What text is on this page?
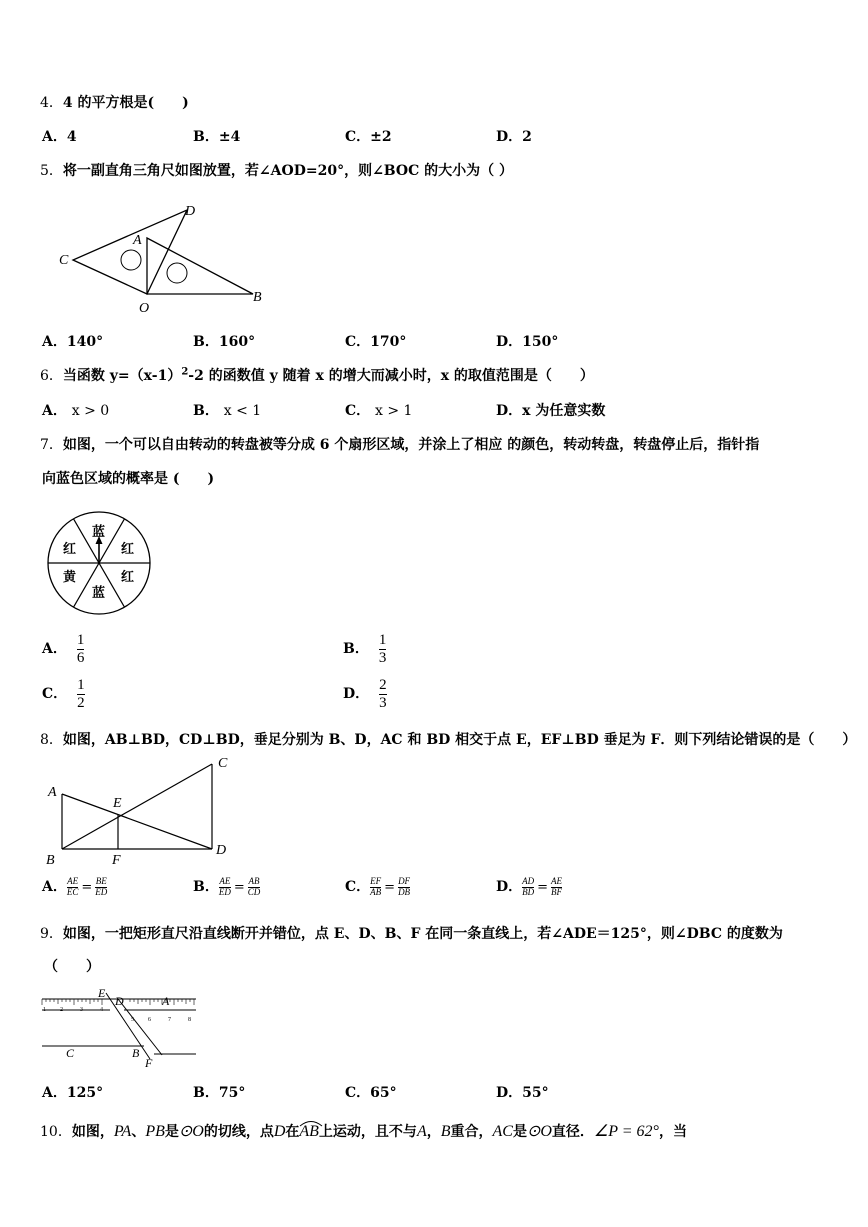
4．4 的平方根是(　　)
A．4	B．±4	C．±2	D．2
5．将一副直角三角尺如图放置，若∠AOD=20°，则∠BOC 的大小为（ ）
C
A
D
O
B
A．140°	B．160°	C．170°	D．150°
6．当函数 $y=(x-1)^2-2$ 的函数值 y 随着 x 的增大而减小时，x 的取值范围是（　　）
A． x > 0	B． x < 1	C． x > 1	D．x 为任意实数
7．如图，一个可以自由转动的转盘被等分成 6 个扇形区域，并涂上了相应 的颜色，转动转盘，转盘停止后，指针指
向蓝色区域的概率是 (　　)
蓝
红	红
黄	红
蓝
A． $\frac{1}{6}$	B． $\frac{1}{3}$
C． $\frac{1}{2}$	D． $\frac{2}{3}$
8．如图，AB⊥BD，CD⊥BD，垂足分别为 B、D，AC 和 BD 相交于点 E，EF⊥BD 垂足为 F．则下列结论错误的是（　　）
A
C
E
B	F
D
A． $\frac{AE}{EC} = \frac{BE}{ED}$	B． $\frac{AE}{ED} = \frac{AB}{CD}$	C． $\frac{EF}{AB} = \frac{DF}{DB}$	D． $\frac{AD}{BD} = \frac{AE}{BF}$
9．如图，一把矩形直尺沿直线断开并错位，点 E、D、B、F 在同一条直线上，若∠ADE＝125°，则∠DBC 的度数为
（　　）
1 2	3	4
5 6	7	8
E
D	A
C	B
F
A．125°	B．75°	C．65°	D．55°
10．如图，PA、PB是⊙O的切线，点D在
AB上运动，且不与A，B重合，AC是⊙O直径．∠P = 62°，当
